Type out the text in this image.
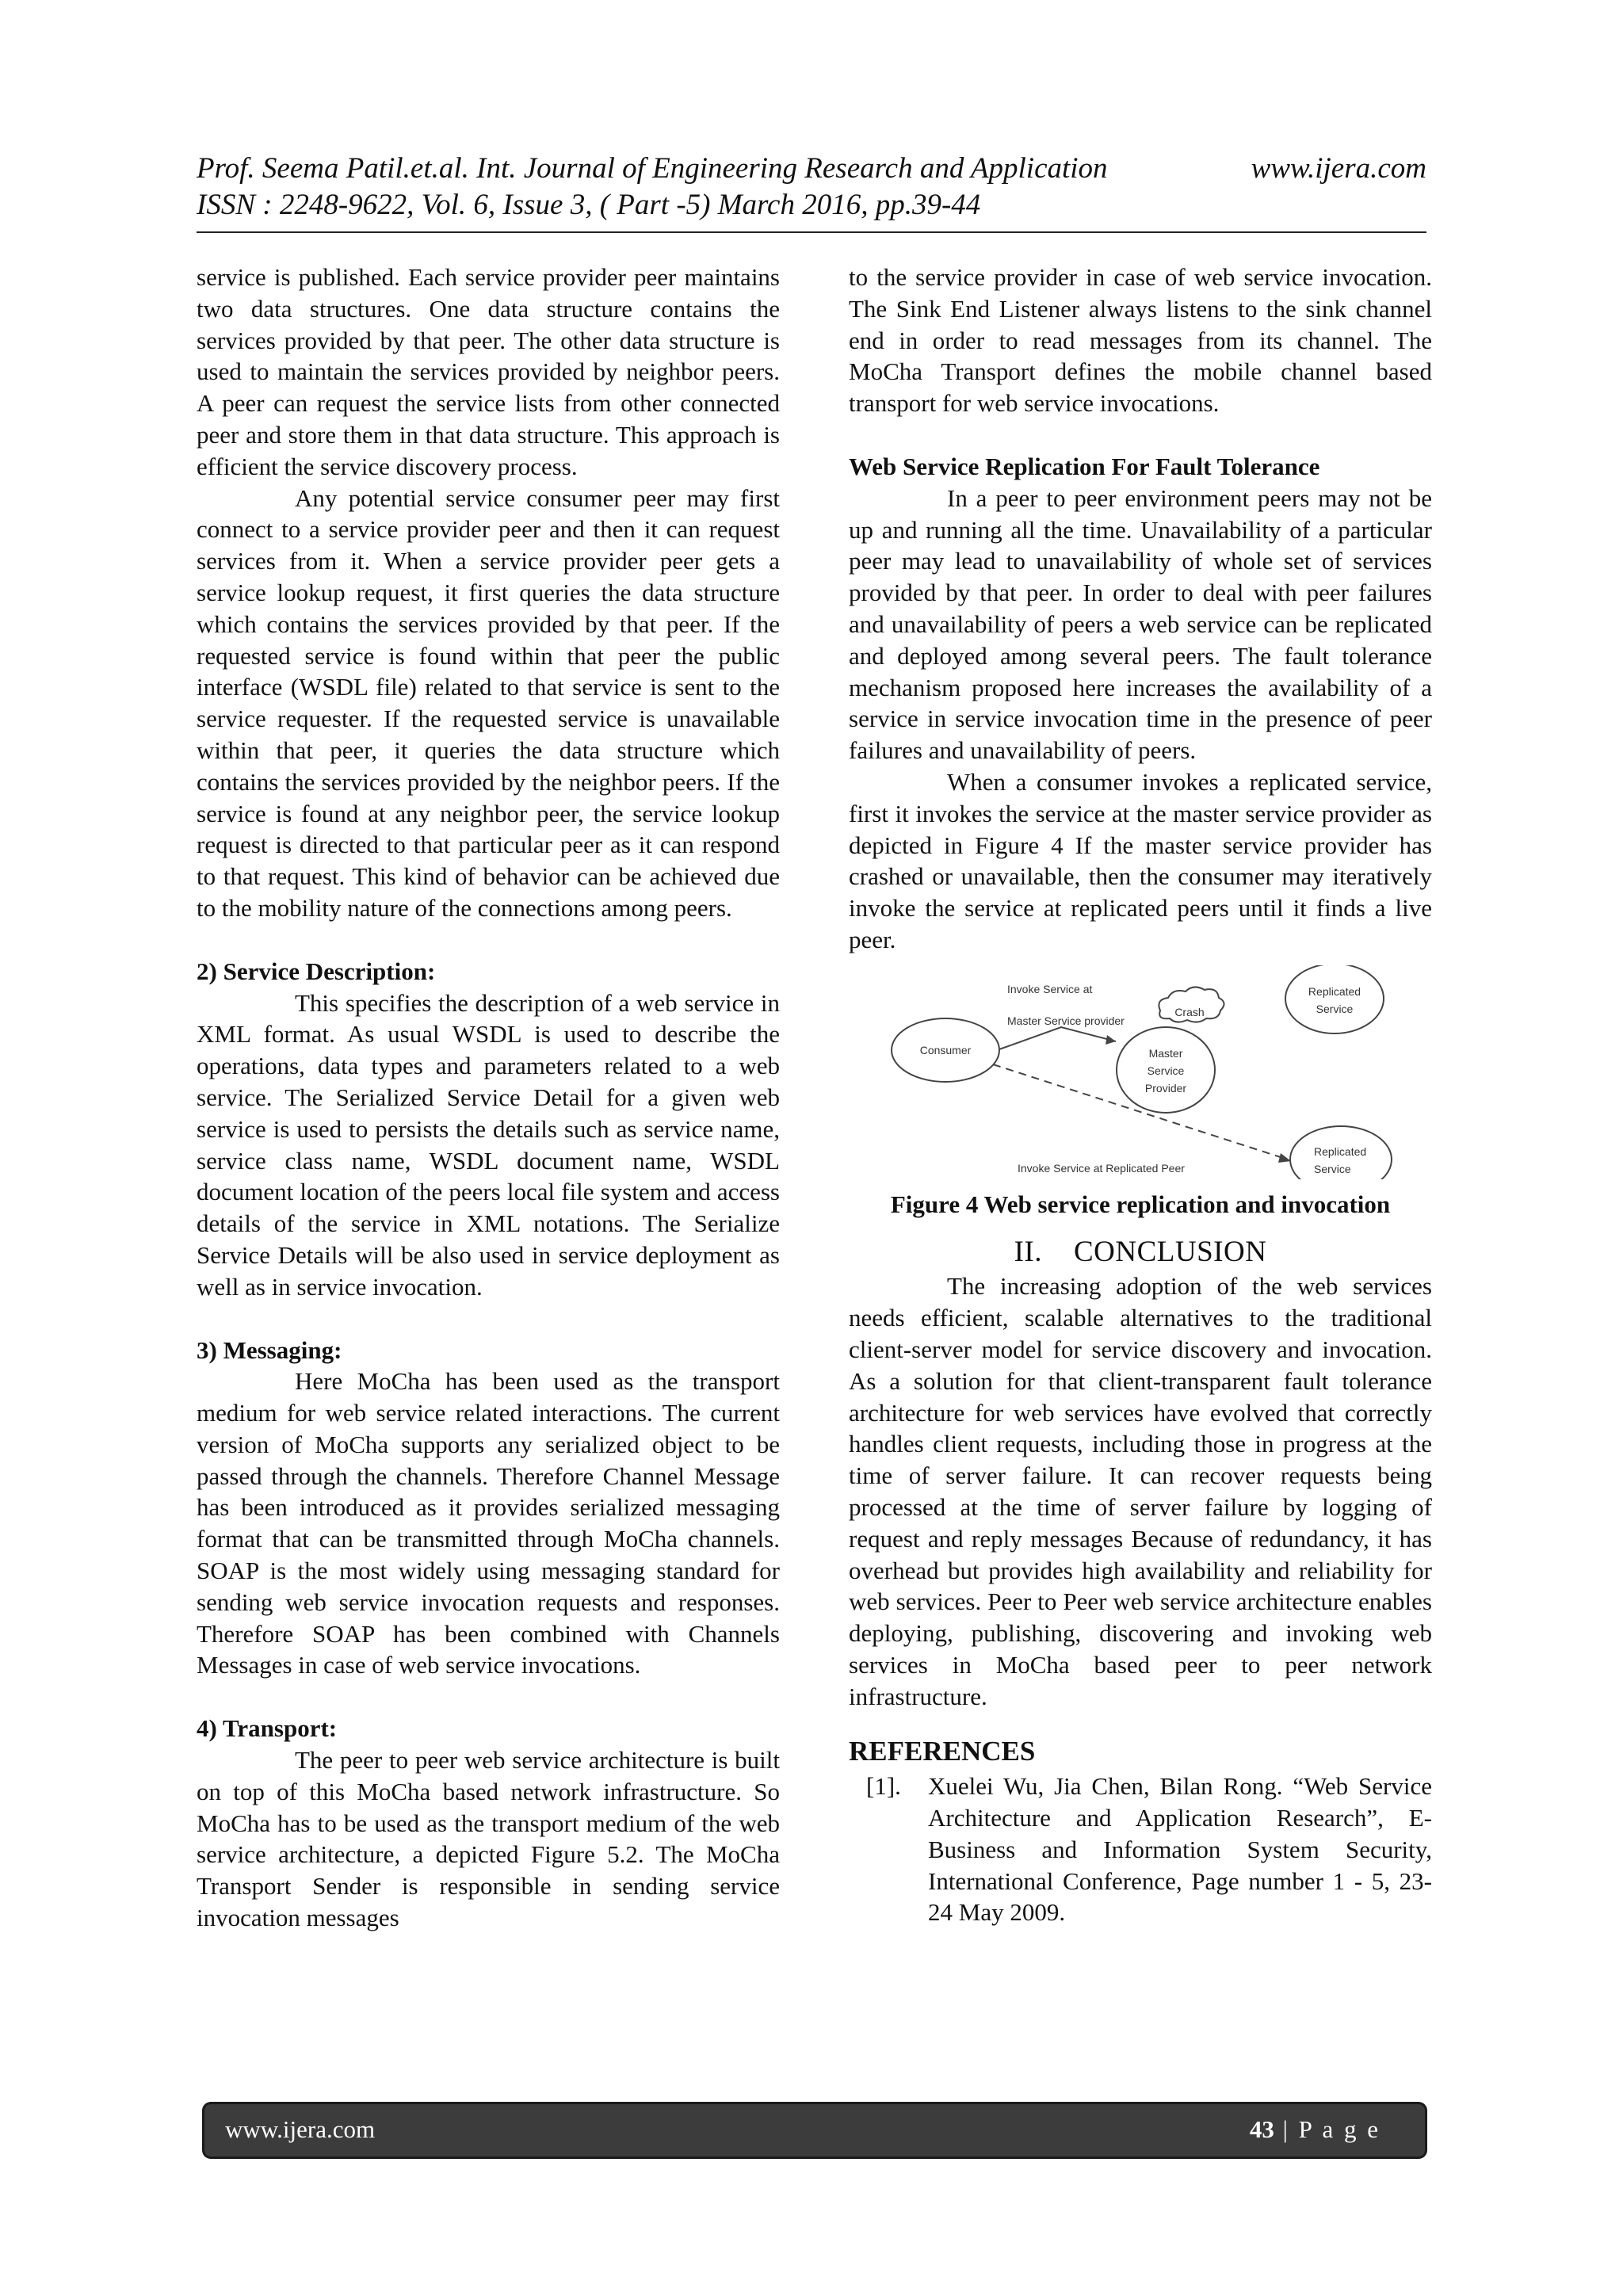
Prof. Seema Patil.et.al. Int. Journal of Engineering Research and Application	www.ijera.com
ISSN : 2248-9622, Vol. 6, Issue 3, ( Part -5) March 2016, pp.39-44

service is published. Each service provider peer maintains two data structures. One data structure contains the services provided by that peer. The other data structure is used to maintain the services provided by neighbor peers. A peer can request the service lists from other connected peer and store them in that data structure. This approach is efficient the service discovery process.

Any potential service consumer peer may first connect to a service provider peer and then it can request services from it. When a service provider peer gets a service lookup request, it first queries the data structure which contains the services provided by that peer. If the requested service is found within that peer the public interface (WSDL file) related to that service is sent to the service requester. If the requested service is unavailable within that peer, it queries the data structure which contains the services provided by the neighbor peers. If the service is found at any neighbor peer, the service lookup request is directed to that particular peer as it can respond to that request. This kind of behavior can be achieved due to the mobility nature of the connections among peers.

2) Service Description:

This specifies the description of a web service in XML format. As usual WSDL is used to describe the operations, data types and parameters related to a web service. The Serialized Service Detail for a given web service is used to persists the details such as service name, service class name, WSDL document name, WSDL document location of the peers local file system and access details of the service in XML notations. The Serialize Service Details will be also used in service deployment as well as in service invocation.

3) Messaging:

Here MoCha has been used as the transport medium for web service related interactions. The current version of MoCha supports any serialized object to be passed through the channels. Therefore Channel Message has been introduced as it provides serialized messaging format that can be transmitted through MoCha channels. SOAP is the most widely using messaging standard for sending web service invocation requests and responses. Therefore SOAP has been combined with Channels Messages in case of web service invocations.

4) Transport:

The peer to peer web service architecture is built on top of this MoCha based network infrastructure. So MoCha has to be used as the transport medium of the web service architecture, a depicted Figure 5.2. The MoCha Transport Sender is responsible in sending service invocation messages

to the service provider in case of web service invocation. The Sink End Listener always listens to the sink channel end in order to read messages from its channel. The MoCha Transport defines the mobile channel based transport for web service invocations.

Web Service Replication For Fault Tolerance

In a peer to peer environment peers may not be up and running all the time. Unavailability of a particular peer may lead to unavailability of whole set of services provided by that peer. In order to deal with peer failures and unavailability of peers a web service can be replicated and deployed among several peers. The fault tolerance mechanism proposed here increases the availability of a service in service invocation time in the presence of peer failures and unavailability of peers.

When a consumer invokes a replicated service, first it invokes the service at the master service provider as depicted in Figure 4 If the master service provider has crashed or unavailable, then the consumer may iteratively invoke the service at replicated peers until it finds a live peer.

Invoke Service at
Master Service provider
Crash
Replicated
Service
Consumer	Master
Service
Provider
Invoke Service at Replicated Peer
Replicated
Service
Figure 4 Web service replication and invocation
II. CONCLUSION

The increasing adoption of the web services needs efficient, scalable alternatives to the traditional client-server model for service discovery and invocation. As a solution for that client-transparent fault tolerance architecture for web services have evolved that correctly handles client requests, including those in progress at the time of server failure. It can recover requests being processed at the time of server failure by logging of request and reply messages Because of redundancy, it has overhead but provides high availability and reliability for web services. Peer to Peer web service architecture enables deploying, publishing, discovering and invoking web services in MoCha based peer to peer network infrastructure.

REFERENCES
[1].	Xuelei Wu, Jia Chen, Bilan Rong. “Web Service Architecture and Application Research”, E-Business and Information System Security, International Conference, Page number 1 - 5, 23-24 May 2009.
www.ijera.com	43 | P a g e
